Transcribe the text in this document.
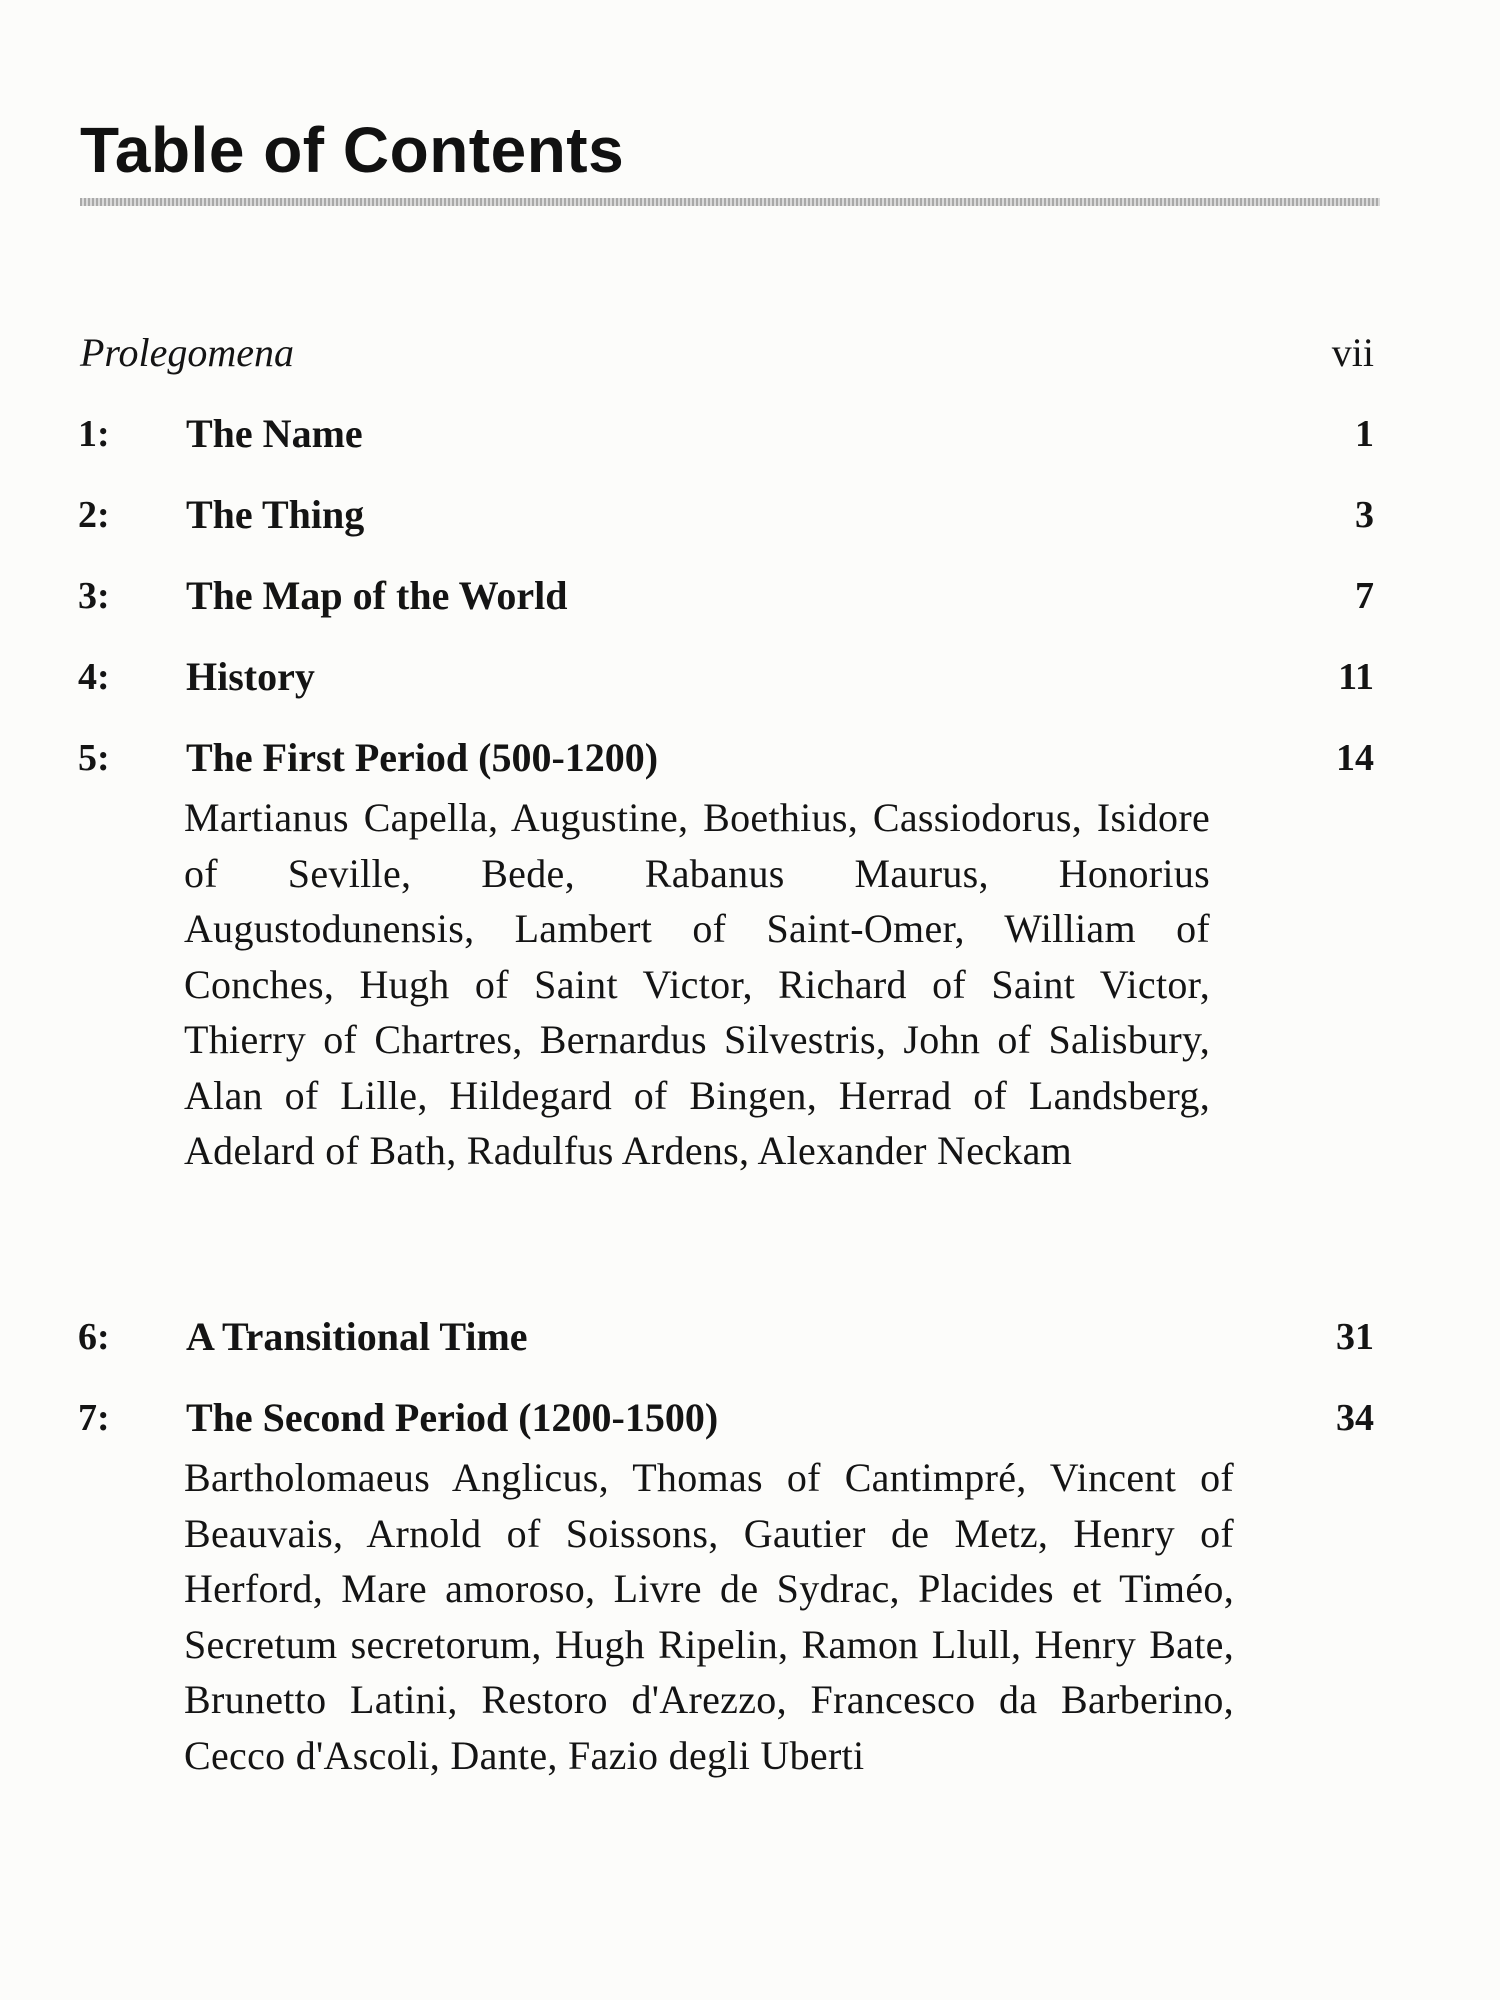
Table of Contents
Prolegomena	vii
1: The Name	1
2: The Thing	3
3: The Map of the World	7
4: History	11
5: The First Period (500-1200)	14
Martianus Capella, Augustine, Boethius, Cassiodorus, Isidore of Seville, Bede, Rabanus Maurus, Honorius Augustodunensis, Lambert of Saint-Omer, William of Conches, Hugh of Saint Victor, Richard of Saint Victor, Thierry of Chartres, Bernardus Silvestris, John of Salisbury, Alan of Lille, Hildegard of Bingen, Herrad of Landsberg, Adelard of Bath, Radulfus Ardens, Alexander Neckam
6: A Transitional Time	31
7: The Second Period (1200-1500)	34
Bartholomaeus Anglicus, Thomas of Cantimpré, Vincent of Beauvais, Arnold of Soissons, Gautier de Metz, Henry of Herford, Mare amoroso, Livre de Sydrac, Placides et Timéo, Secretum secretorum, Hugh Ripelin, Ramon Llull, Henry Bate, Brunetto Latini, Restoro d'Arezzo, Francesco da Barberino, Cecco d'Ascoli, Dante, Fazio degli Uberti
